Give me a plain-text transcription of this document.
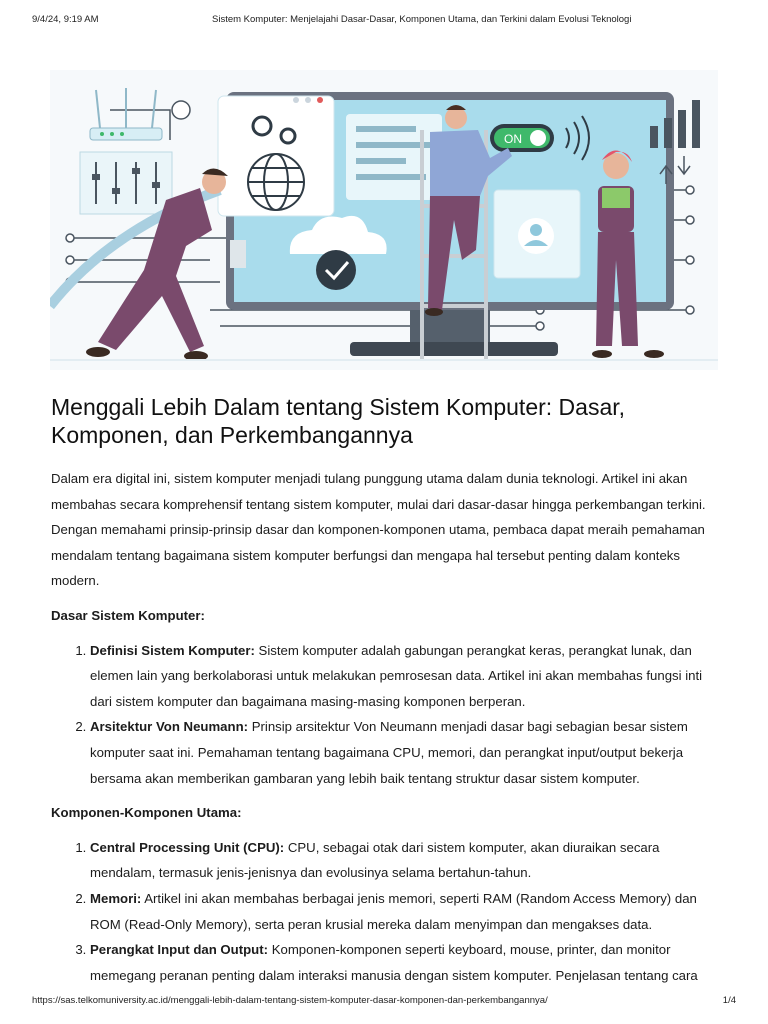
9/4/24, 9:19 AM	Sistem Komputer: Menjelajahi Dasar-Dasar, Komponen Utama, dan Terkini dalam Evolusi Teknologi
ON
Menggali Lebih Dalam tentang Sistem Komputer: Dasar, Komponen, dan Perkembangannya

Dalam era digital ini, sistem komputer menjadi tulang punggung utama dalam dunia teknologi. Artikel ini akan membahas secara komprehensif tentang sistem komputer, mulai dari dasar-dasar hingga perkembangan terkini. Dengan memahami prinsip-prinsip dasar dan komponen-komponen utama, pembaca dapat meraih pemahaman mendalam tentang bagaimana sistem komputer berfungsi dan mengapa hal tersebut penting dalam konteks modern.

Dasar Sistem Komputer:

1. Definisi Sistem Komputer: Sistem komputer adalah gabungan perangkat keras, perangkat lunak, dan elemen lain yang berkolaborasi untuk melakukan pemrosesan data. Artikel ini akan membahas fungsi inti dari sistem komputer dan bagaimana masing-masing komponen berperan.
2. Arsitektur Von Neumann: Prinsip arsitektur Von Neumann menjadi dasar bagi sebagian besar sistem komputer saat ini. Pemahaman tentang bagaimana CPU, memori, dan perangkat input/output bekerja bersama akan memberikan gambaran yang lebih baik tentang struktur dasar sistem komputer.

Komponen-Komponen Utama:

1. Central Processing Unit (CPU): CPU, sebagai otak dari sistem komputer, akan diuraikan secara mendalam, termasuk jenis-jenisnya dan evolusinya selama bertahun-tahun.
2. Memori: Artikel ini akan membahas berbagai jenis memori, seperti RAM (Random Access Memory) dan ROM (Read-Only Memory), serta peran krusial mereka dalam menyimpan dan mengakses data.
3. Perangkat Input dan Output: Komponen-komponen seperti keyboard, mouse, printer, dan monitor memegang peranan penting dalam interaksi manusia dengan sistem komputer. Penjelasan tentang cara
https://sas.telkomuniversity.ac.id/menggali-lebih-dalam-tentang-sistem-komputer-dasar-komponen-dan-perkembangannya/	1/4
